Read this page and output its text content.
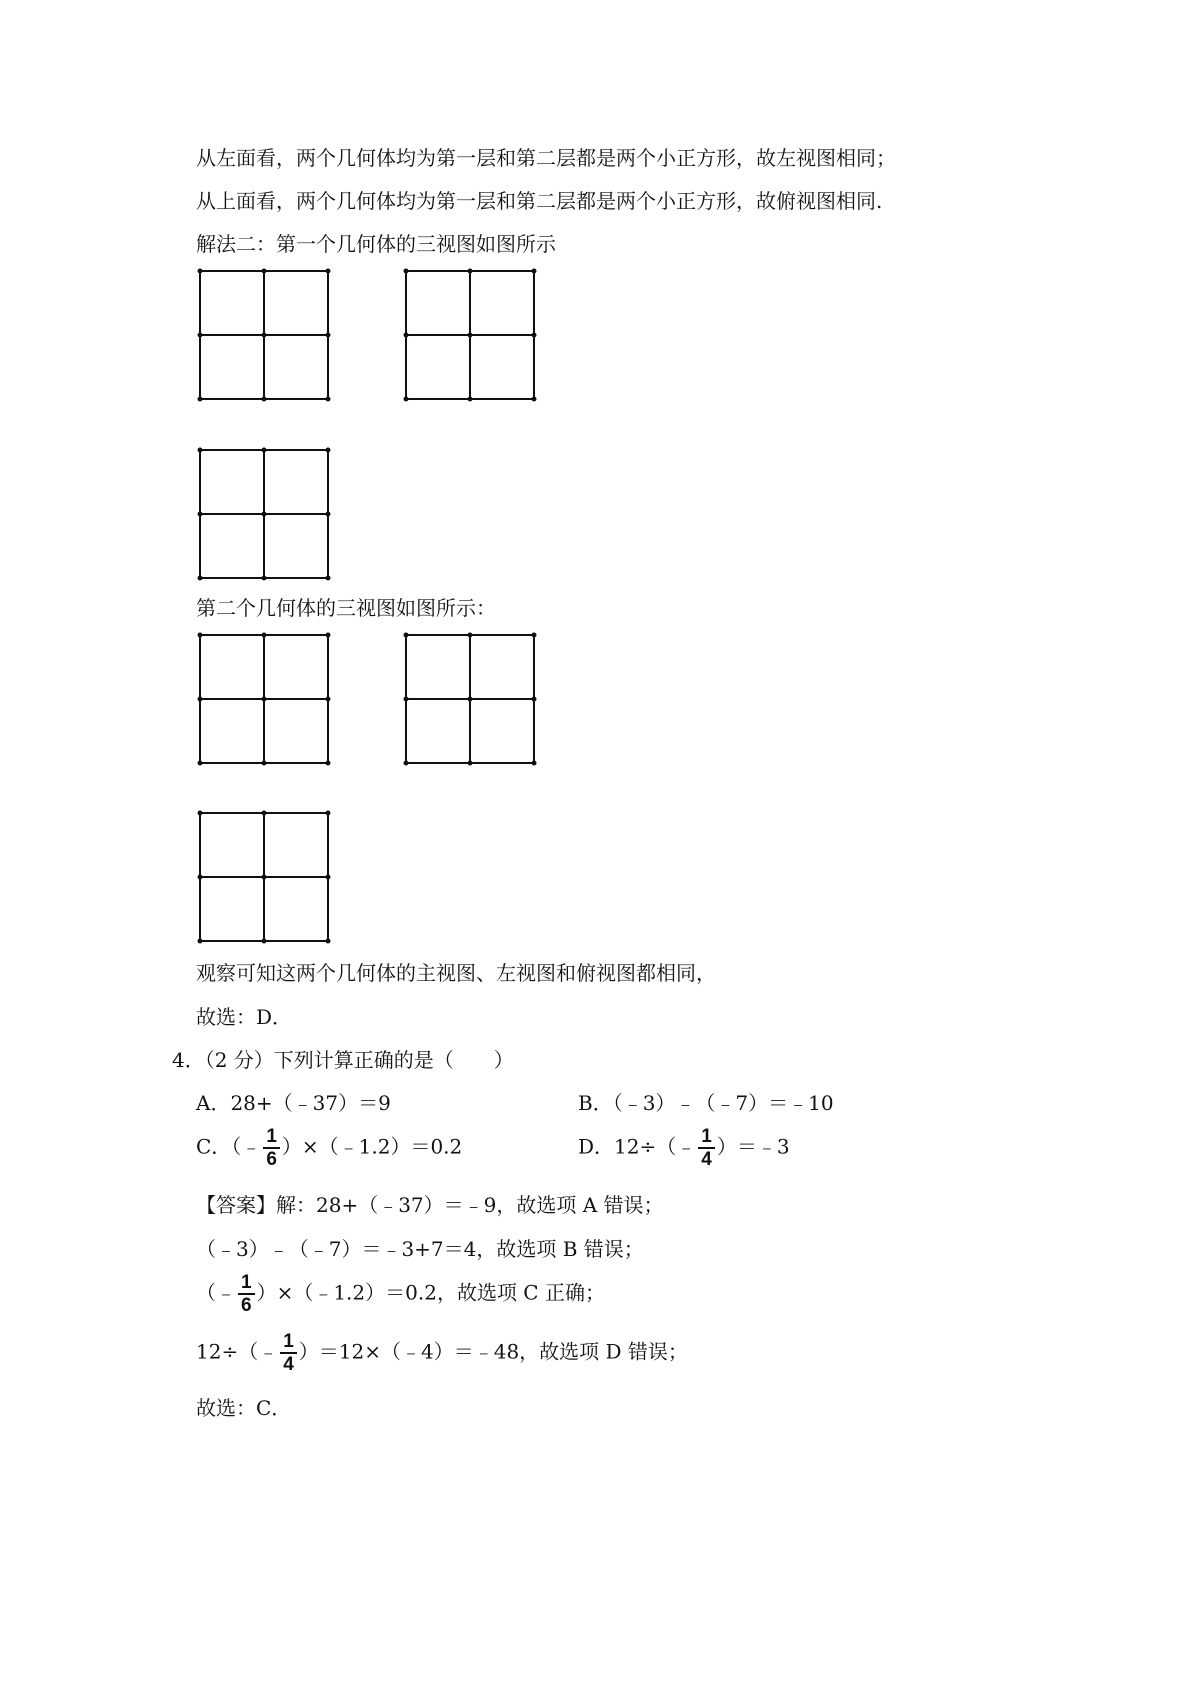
从左面看，两个几何体均为第一层和第二层都是两个小正方形，故左视图相同；
从上面看，两个几何体均为第一层和第二层都是两个小正方形，故俯视图相同.
解法二：第一个几何体的三视图如图所示
第二个几何体的三视图如图所示：
观察可知这两个几何体的主视图、左视图和俯视图都相同，
故选：D．
4．（2 分）下列计算正确的是（　　）
A．28+（﹣37）＝9	B．（﹣3）﹣（﹣7）＝﹣10
C．（﹣ $\frac{1}{6}$ ）×（﹣1.2）＝0.2	D．12÷（﹣ $\frac{1}{4}$ ）＝﹣3
【答案】解：28+（﹣37）＝﹣9，故选项 A 错误；
（﹣3）﹣（﹣7）＝﹣3+7＝4，故选项 B 错误；
（﹣ $\frac{1}{6}$ ）×（﹣1.2）＝0.2，故选项 C 正确；
12÷（﹣ $\frac{1}{4}$ ）＝12×（﹣4）＝﹣48，故选项 D 错误；
故选：C．
